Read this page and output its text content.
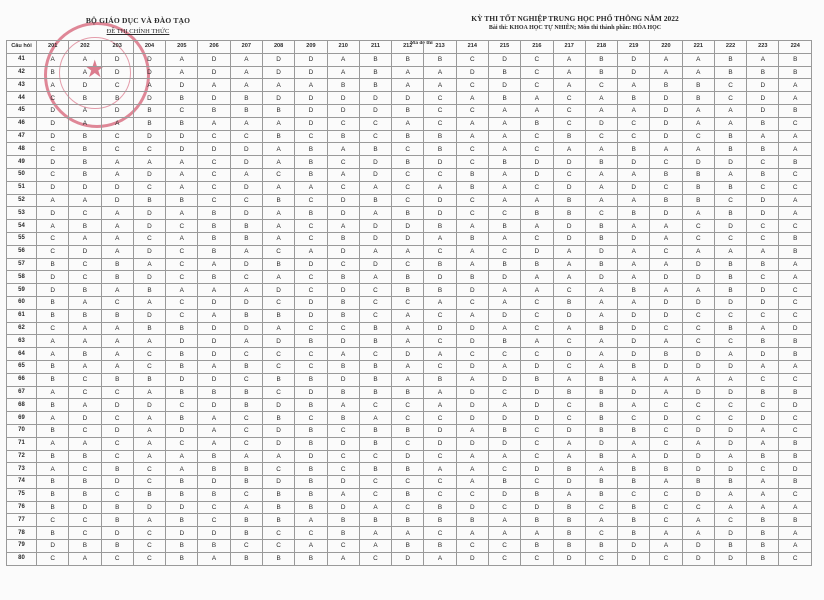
★
BỘ GIÁO DỤC VÀ ĐÀO TẠO
ĐỀ THI CHÍNH THỨC
KỲ THI TỐT NGHIỆP TRUNG HỌC PHỔ THÔNG NĂM 2022
Bài thi: KHOA HỌC TỰ NHIÊN; Môn thi thành phần: HÓA HỌC
Mã đề thi
Câu hỏi	201	202	203	204	205	206	207	208	209	210	211	212	213	214	215	216	217	218	219	220	221	222	223	224
41	A	A	D	D	A	D	A	D	D	A	B	B	B	C	D	C	A	B	D	A	A	B	A	B
42	B	A	D	D	A	D	A	D	D	A	B	A	A	D	B	C	A	B	D	A	A	B	B	B
43	A	D	C	A	D	A	A	A	A	B	B	A	A	C	D	C	A	C	A	B	B	C	D	A
44	C	B	B	D	B	D	B	D	D	D	D	D	C	A	B	A	C	A	B	D	B	C	D	A
45	D	A	D	B	C	B	B	B	D	D	D	B	C	C	A	A	C	A	A	D	A	A	D	B
46	D	A	A	B	B	A	A	A	D	C	C	A	C	A	A	B	C	D	C	D	A	A	B	C
47	D	B	C	D	D	C	C	B	C	B	C	B	B	A	A	C	B	C	C	D	C	B	A	A
48	C	B	C	C	D	D	D	A	B	A	B	C	B	C	A	C	A	A	B	A	A	B	B	A
49	D	B	A	A	A	C	D	A	B	C	D	B	D	C	B	D	D	B	D	C	D	D	C	B
50	C	B	A	D	A	C	A	C	B	A	D	C	C	B	A	D	C	A	A	B	B	A	B	C
51	D	D	D	C	A	C	D	A	A	C	A	C	A	B	A	C	D	A	D	C	B	B	C	C
52	A	A	D	B	B	C	C	B	C	D	B	C	D	C	A	A	B	A	A	B	B	C	D	A
53	D	C	A	D	A	B	D	A	B	D	A	B	D	C	C	B	B	C	B	D	A	B	D	A
54	A	B	A	D	C	B	B	A	C	A	D	D	B	A	B	A	D	B	A	A	C	D	C	C
55	C	A	A	C	A	B	B	A	C	B	D	D	A	B	A	C	D	B	D	A	C	C	C	B
56	C	D	A	D	C	B	A	C	A	D	A	A	C	A	C	D	A	D	A	C	A	A	A	B
57	B	C	B	A	C	A	D	B	D	C	D	C	B	A	B	B	A	B	A	A	D	B	B	A
58	D	C	B	D	C	B	C	A	C	B	A	B	D	B	D	A	A	D	A	D	D	B	C	A
59	D	B	A	B	A	A	A	D	C	D	C	B	B	D	A	A	C	A	B	A	A	B	D	C
60	B	A	C	A	C	D	D	C	D	B	C	C	A	C	A	C	B	A	A	D	D	D	D	C
61	B	B	B	D	C	A	B	B	D	B	C	A	C	A	D	C	D	A	D	D	C	C	C	C
62	C	A	A	B	B	D	D	A	C	C	B	A	D	D	A	C	A	B	D	C	C	B	A	D
63	A	A	A	A	D	D	A	D	B	D	B	A	C	D	B	A	C	A	D	A	C	C	B	B
64	A	B	A	C	B	D	C	C	C	A	C	D	A	C	C	C	D	A	D	B	D	A	D	B
65	B	A	A	C	B	A	B	C	C	B	B	A	C	D	A	D	C	A	B	D	D	D	A	A
66	B	C	B	B	D	D	C	B	B	D	B	A	B	A	D	B	A	B	A	A	A	A	C	C
67	A	C	C	A	B	B	B	C	D	B	B	B	A	D	C	D	B	B	D	A	D	D	B	B
68	B	A	D	D	C	D	B	D	B	A	C	C	A	D	A	D	C	B	A	C	C	C	C	D
69	A	D	C	A	B	A	C	B	C	B	A	C	C	D	D	D	C	B	C	D	C	C	D	C
70	B	C	D	A	D	A	C	D	B	C	B	B	D	A	B	C	D	B	B	C	D	D	A	C
71	A	A	C	A	C	A	C	D	B	D	B	C	D	D	D	C	A	D	A	C	A	D	A	B
72	B	B	C	A	A	B	A	A	D	C	C	D	C	A	A	C	A	B	A	D	D	A	B	B
73	A	C	B	C	A	B	B	C	B	C	B	B	A	A	C	D	B	A	B	B	D	D	C	D
74	B	B	D	C	B	D	B	D	B	D	C	C	C	A	B	C	D	B	B	A	B	B	A	B
75	B	B	C	B	B	B	C	B	B	A	C	B	C	C	D	B	A	B	C	C	D	A	A	C
76	B	D	B	D	D	C	A	B	B	D	A	C	B	D	C	D	B	C	B	C	C	A	A	A
77	C	C	B	A	B	C	B	B	A	B	B	B	B	B	A	B	B	A	B	C	A	C	B	B
78	B	C	D	C	D	D	B	C	C	B	A	A	C	A	A	A	B	C	B	A	A	D	B	A
79	D	B	B	C	B	B	C	C	A	C	A	B	B	C	C	B	B	B	D	A	D	B	B	A
80	C	A	C	C	B	A	B	B	B	A	C	D	A	D	C	C	D	C	D	C	D	D	B	C
